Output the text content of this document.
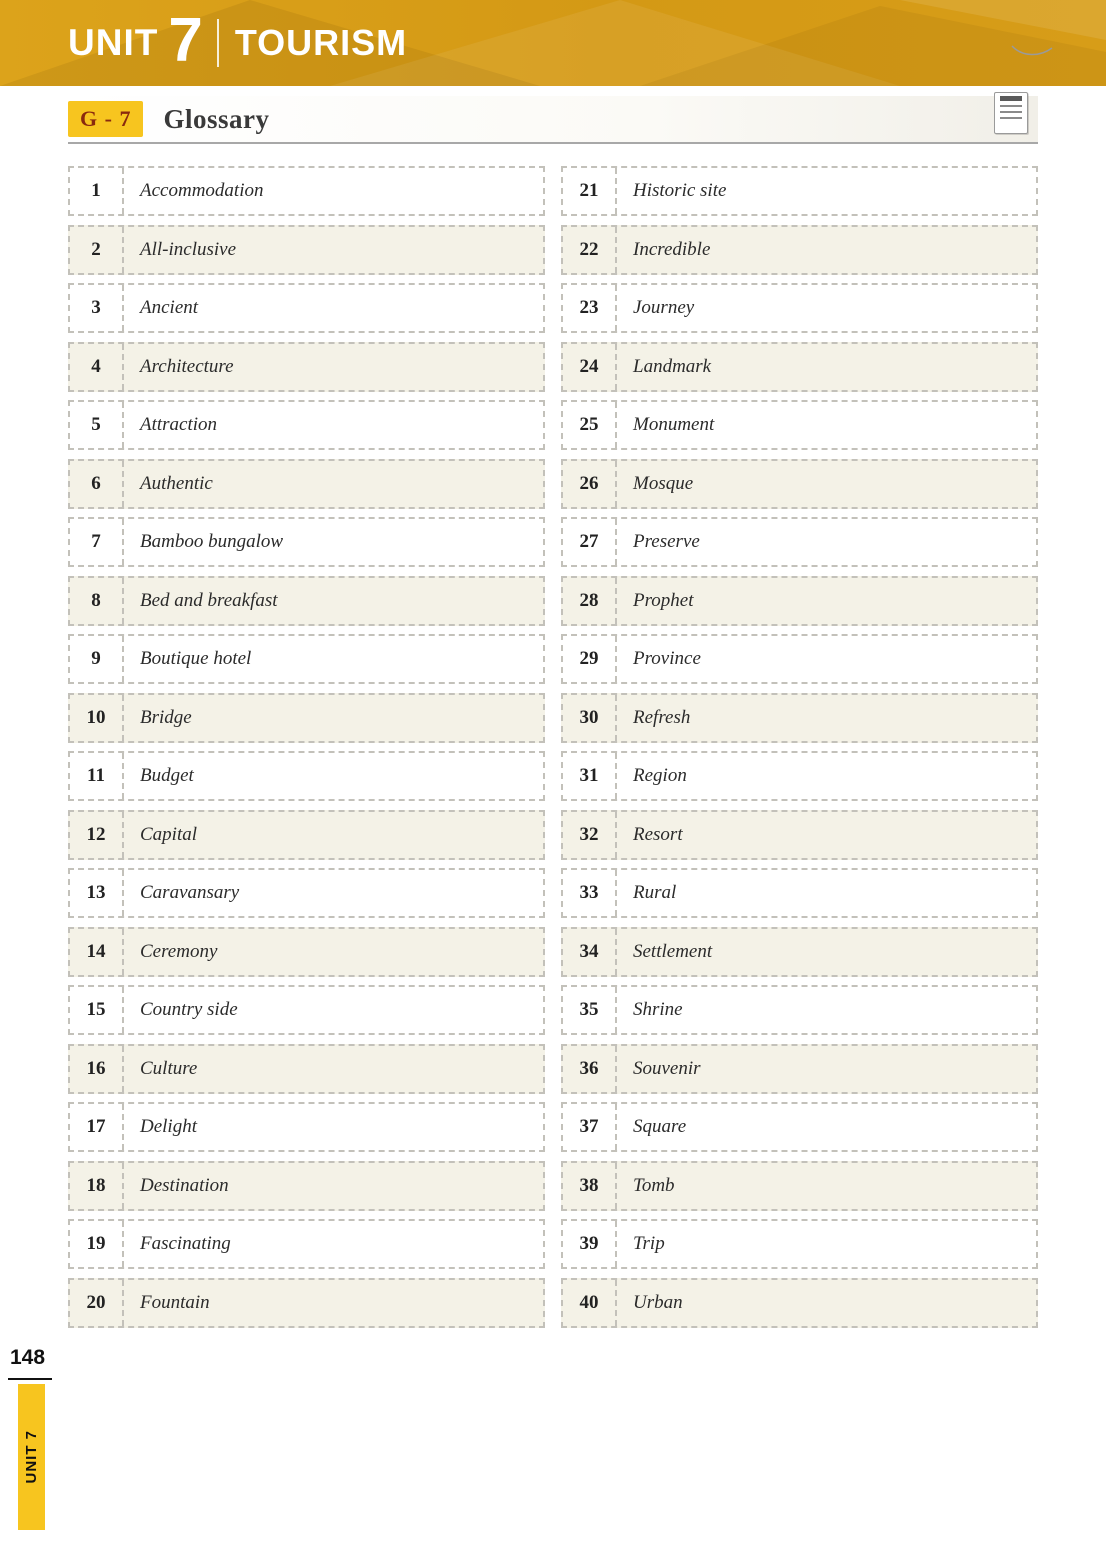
UNIT 7 TOURISM
G - 7	Glossary
1	Accommodation
2	All-inclusive
3	Ancient
4	Architecture
5	Attraction
6	Authentic
7	Bamboo bungalow
8	Bed and breakfast
9	Boutique hotel
10	Bridge
11	Budget
12	Capital
13	Caravansary
14	Ceremony
15	Country side
16	Culture
17	Delight
18	Destination
19	Fascinating
20	Fountain
21	Historic site
22	Incredible
23	Journey
24	Landmark
25	Monument
26	Mosque
27	Preserve
28	Prophet
29	Province
30	Refresh
31	Region
32	Resort
33	Rural
34	Settlement
35	Shrine
36	Souvenir
37	Square
38	Tomb
39	Trip
40	Urban
148
UNIT 7
